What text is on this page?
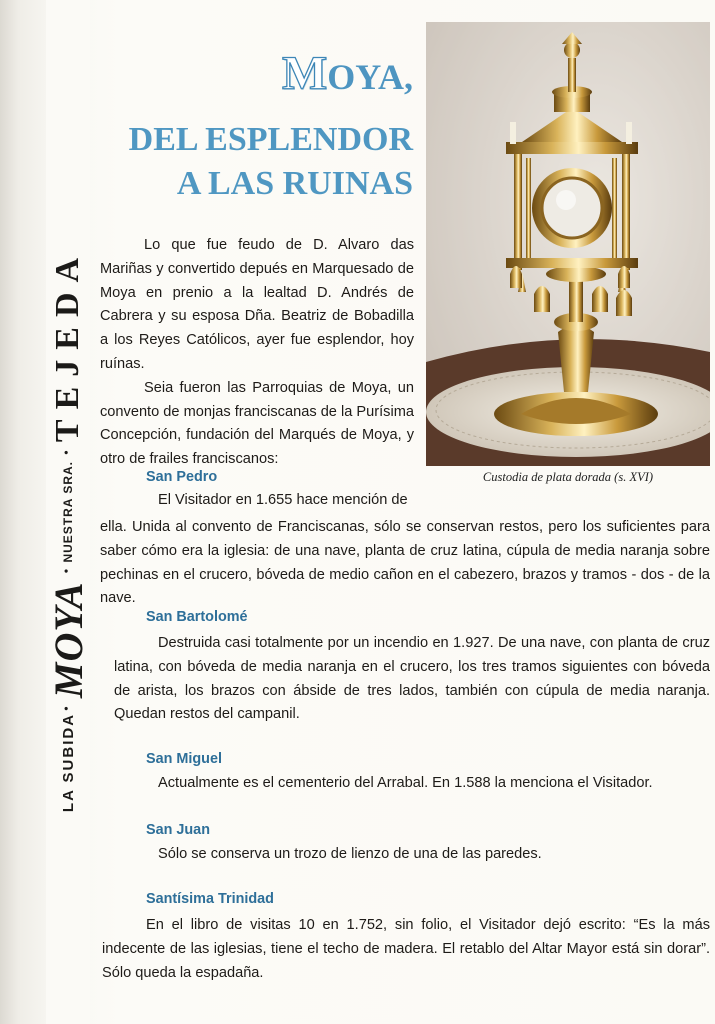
LA SUBIDA
•
MOYA
•
NUESTRA SRA.
•
TEJEDA
MOYA,
DEL ESPLENDOR
A LAS RUINAS
Custodia de plata dorada (s. XVI)

Lo que fue feudo de D. Alvaro das Mariñas y convertido depués en Marquesado de Moya en prenio a la lealtad D. Andrés de Cabrera y su esposa Dña. Beatriz de Bobadilla a los Reyes Católicos, ayer fue esplendor, hoy ruínas.

Seia fueron las Parroquias de Moya, un convento de monjas franciscanas de la Purísima Concepción, fundación del Marqués de Moya, y otro de frailes franciscanos:

San Pedro
El Visitador en 1.655 hace mención de
ella. Unida al convento de Franciscanas, sólo se conservan restos, pero los suficientes para saber cómo era la iglesia: de una nave, planta de cruz latina, cúpula de media naranja sobre pechinas en el crucero, bóveda de medio cañon en el cabezero, brazos y tramos - dos - de la nave.
San Bartolomé
Destruida casi totalmente por un incendio en 1.927. De una nave, con planta de cruz latina, con bóveda de media naranja en el crucero, los tres tramos siguientes con bóveda de arista, los brazos con ábside de tres lados, también con cúpula de media naranja. Quedan restos del campanil.
San Miguel
Actualmente es el cementerio del Arrabal. En 1.588 la menciona el Visitador.
San Juan
Sólo se conserva un trozo de lienzo de una de las paredes.
Santísima Trinidad
En el libro de visitas 10 en 1.752, sin folio, el Visitador dejó escrito: “Es la más indecente de las iglesias, tiene el techo de madera. El retablo del Altar Mayor está sin dorar”. Sólo queda la espadaña.
